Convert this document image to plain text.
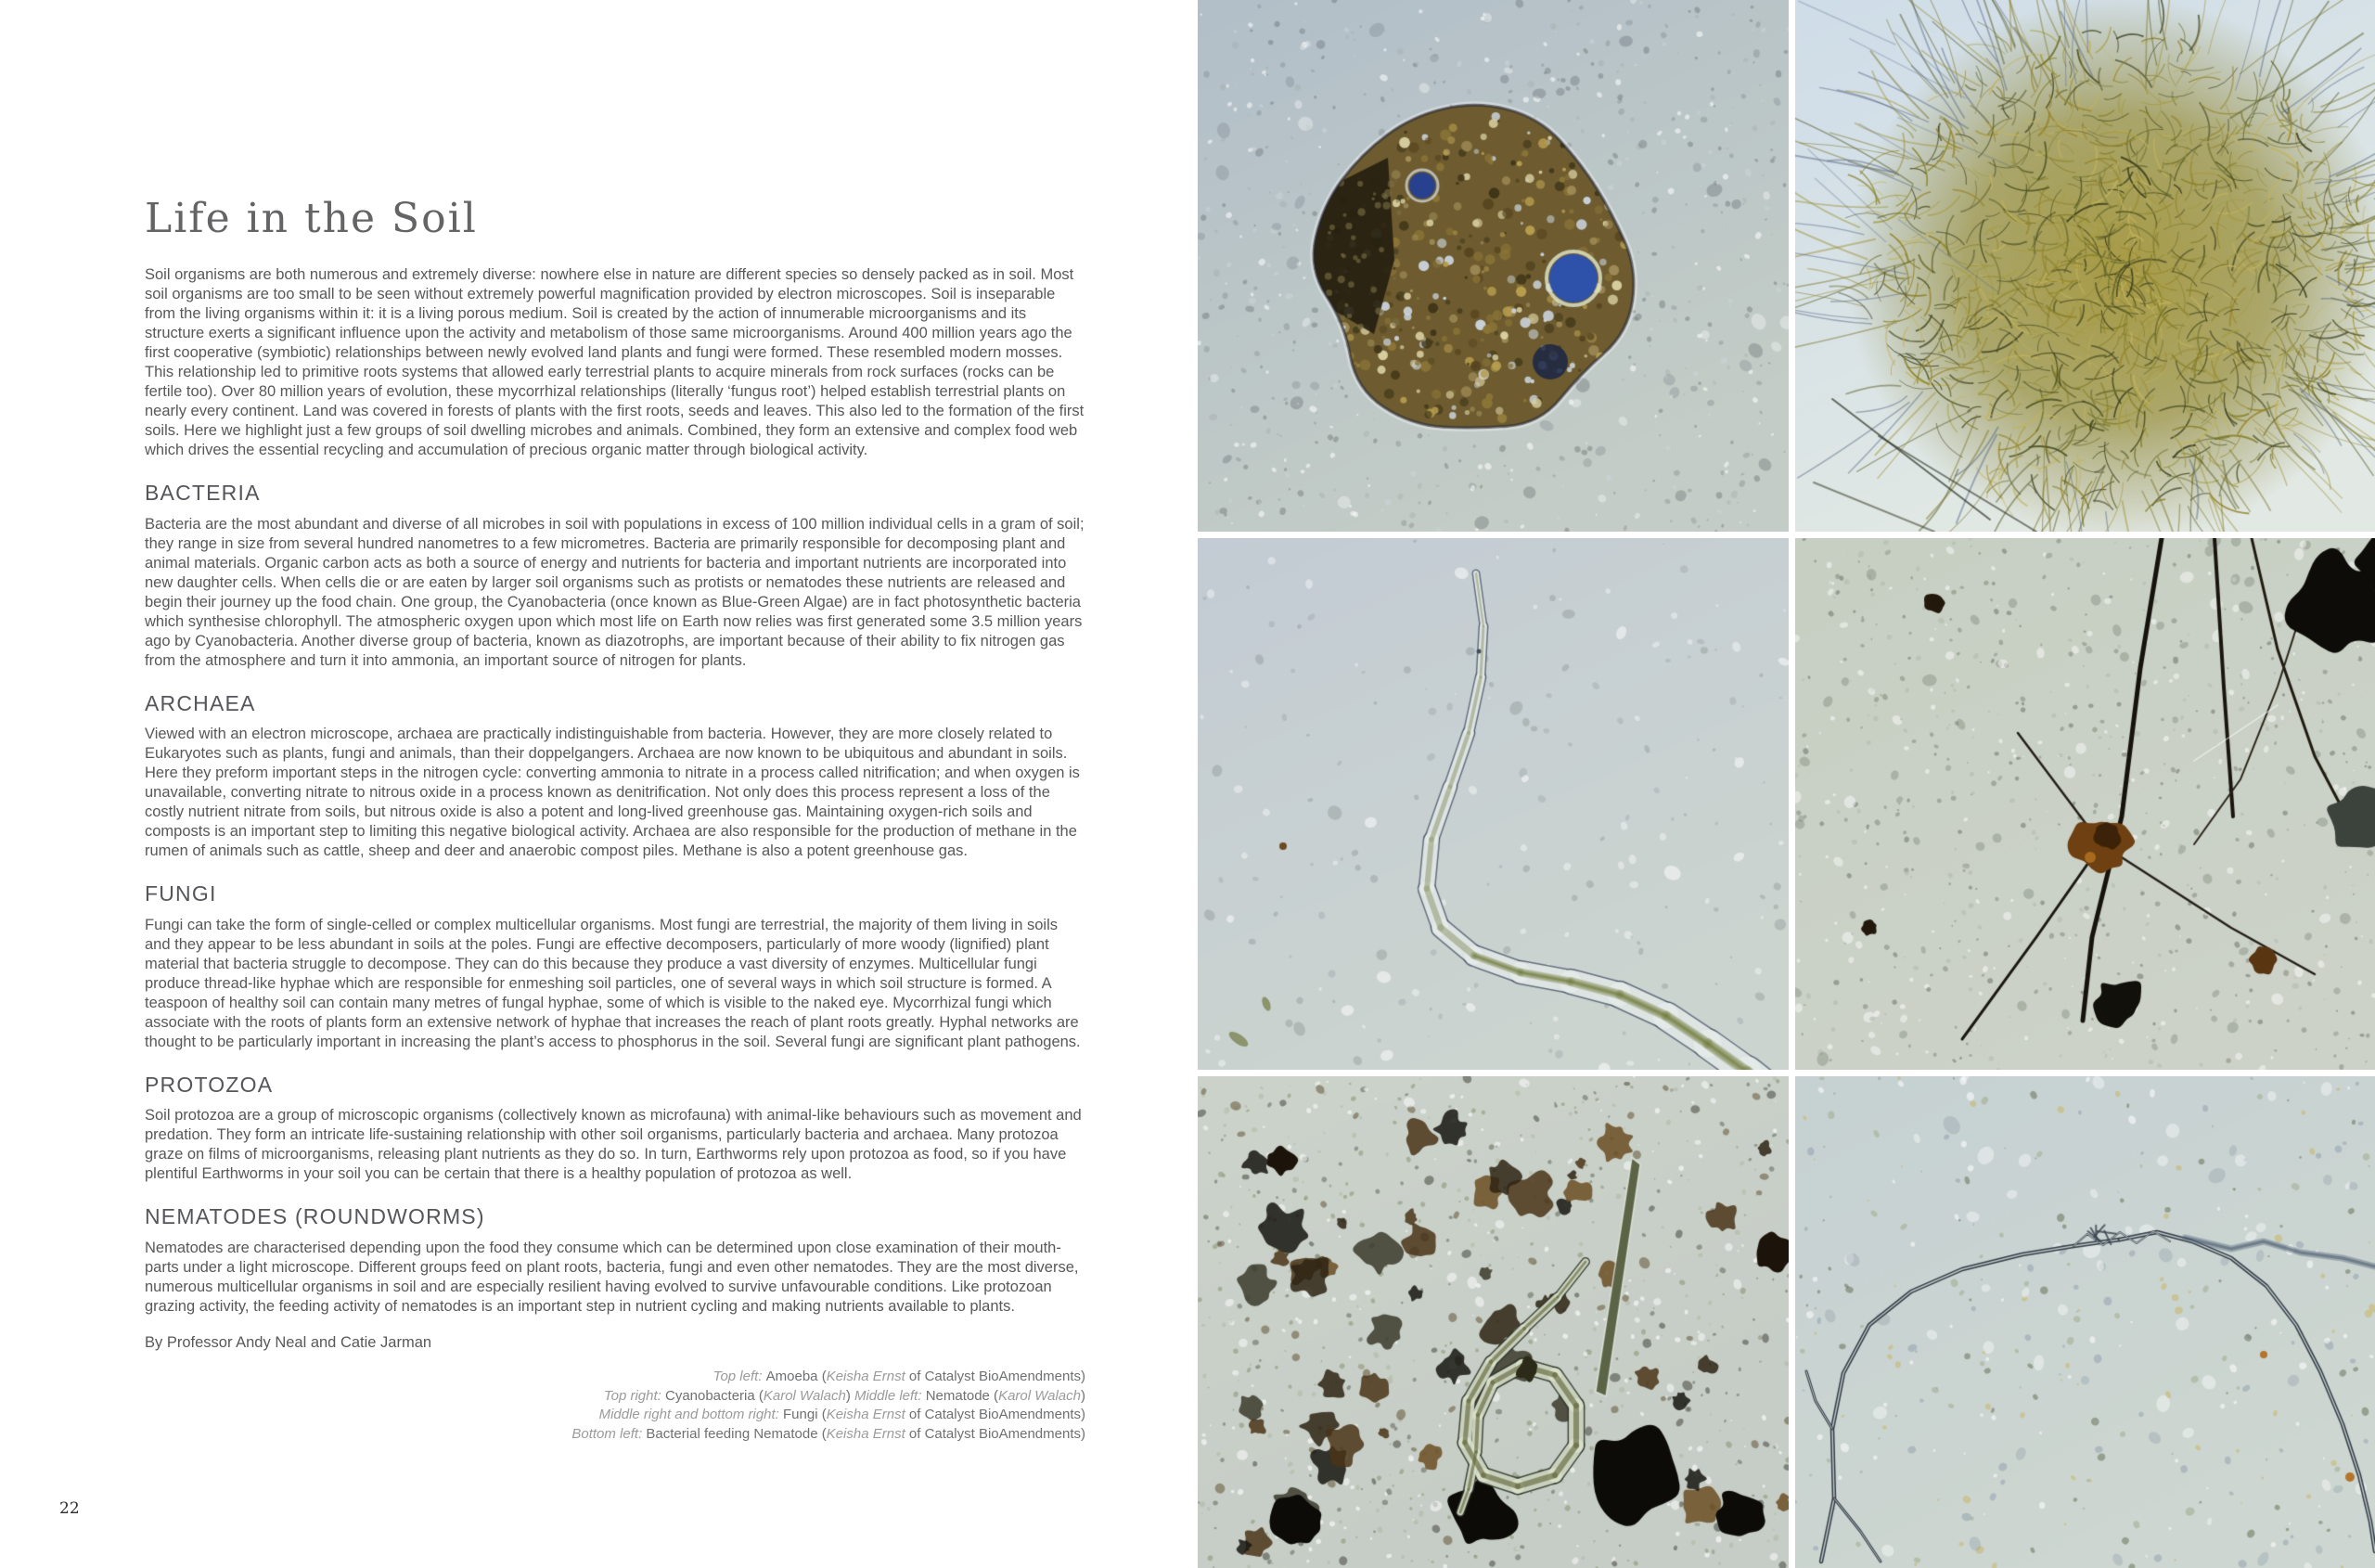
Life in the Soil

Soil organisms are both numerous and extremely diverse: nowhere else in nature are different species so densely packed as in soil. Most soil organisms are too small to be seen without extremely powerful magnification provided by electron microscopes. Soil is inseparable from the living organisms within it: it is a living porous medium. Soil is created by the action of innumerable microorganisms and its structure exerts a significant influence upon the activity and metabolism of those same microorganisms. Around 400 million years ago the first cooperative (symbiotic) relationships between newly evolved land plants and fungi were formed. These resembled modern mosses. This relationship led to primitive roots systems that allowed early terrestrial plants to acquire minerals from rock surfaces (rocks can be fertile too). Over 80 million years of evolution, these mycorrhizal relationships (literally ‘fungus root’) helped establish terrestrial plants on nearly every continent. Land was covered in forests of plants with the first roots, seeds and leaves. This also led to the formation of the first soils. Here we highlight just a few groups of soil dwelling microbes and animals. Combined, they form an extensive and complex food web which drives the essential recycling and accumulation of precious organic matter through biological activity.

BACTERIA

Bacteria are the most abundant and diverse of all microbes in soil with populations in excess of 100 million individual cells in a gram of soil; they range in size from several hundred nanometres to a few micrometres. Bacteria are primarily responsible for decomposing plant and animal materials. Organic carbon acts as both a source of energy and nutrients for bacteria and important nutrients are incorporated into new daughter cells. When cells die or are eaten by larger soil organisms such as protists or nematodes these nutrients are released and begin their journey up the food chain. One group, the Cyanobacteria (once known as Blue-Green Algae) are in fact photosynthetic bacteria which synthesise chlorophyll. The atmospheric oxygen upon which most life on Earth now relies was first generated some 3.5 million years ago by Cyanobacteria. Another diverse group of bacteria, known as diazotrophs, are important because of their ability to fix nitrogen gas from the atmosphere and turn it into ammonia, an important source of nitrogen for plants.

ARCHAEA

Viewed with an electron microscope, archaea are practically indistinguishable from bacteria. However, they are more closely related to Eukaryotes such as plants, fungi and animals, than their doppelgangers. Archaea are now known to be ubiquitous and abundant in soils. Here they preform important steps in the nitrogen cycle: converting ammonia to nitrate in a process called nitrification; and when oxygen is unavailable, converting nitrate to nitrous oxide in a process known as denitrification. Not only does this process represent a loss of the costly nutrient nitrate from soils, but nitrous oxide is also a potent and long-lived greenhouse gas. Maintaining oxygen-rich soils and composts is an important step to limiting this negative biological activity. Archaea are also responsible for the production of methane in the rumen of animals such as cattle, sheep and deer and anaerobic compost piles. Methane is also a potent greenhouse gas.

FUNGI

Fungi can take the form of single-celled or complex multicellular organisms. Most fungi are terrestrial, the majority of them living in soils and they appear to be less abundant in soils at the poles. Fungi are effective decomposers, particularly of more woody (lignified) plant material that bacteria struggle to decompose. They can do this because they produce a vast diversity of enzymes. Multicellular fungi produce thread-like hyphae which are responsible for enmeshing soil particles, one of several ways in which soil structure is formed. A teaspoon of healthy soil can contain many metres of fungal hyphae, some of which is visible to the naked eye. Mycorrhizal fungi which associate with the roots of plants form an extensive network of hyphae that increases the reach of plant roots greatly. Hyphal networks are thought to be particularly important in increasing the plant’s access to phosphorus in the soil. Several fungi are significant plant pathogens.

PROTOZOA

Soil protozoa are a group of microscopic organisms (collectively known as microfauna) with animal-like behaviours such as movement and predation. They form an intricate life-sustaining relationship with other soil organisms, particularly bacteria and archaea. Many protozoa graze on films of microorganisms, releasing plant nutrients as they do so. In turn, Earthworms rely upon protozoa as food, so if you have plentiful Earthworms in your soil you can be certain that there is a healthy population of protozoa as well.

NEMATODES (ROUNDWORMS)

Nematodes are characterised depending upon the food they consume which can be determined upon close examination of their mouth-parts under a light microscope. Different groups feed on plant roots, bacteria, fungi and even other nematodes. They are the most diverse, numerous multicellular organisms in soil and are especially resilient having evolved to survive unfavourable conditions. Like protozoan grazing activity, the feeding activity of nematodes is an important step in nutrient cycling and making nutrients available to plants.

By Professor Andy Neal and Catie Jarman

Top left: Amoeba (Keisha Ernst of Catalyst BioAmendments)
Top right: Cyanobacteria (Karol Walach) Middle left: Nematode (Karol Walach)
Middle right and bottom right: Fungi (Keisha Ernst of Catalyst BioAmendments)
Bottom left: Bacterial feeding Nematode (Keisha Ernst of Catalyst BioAmendments)
22
